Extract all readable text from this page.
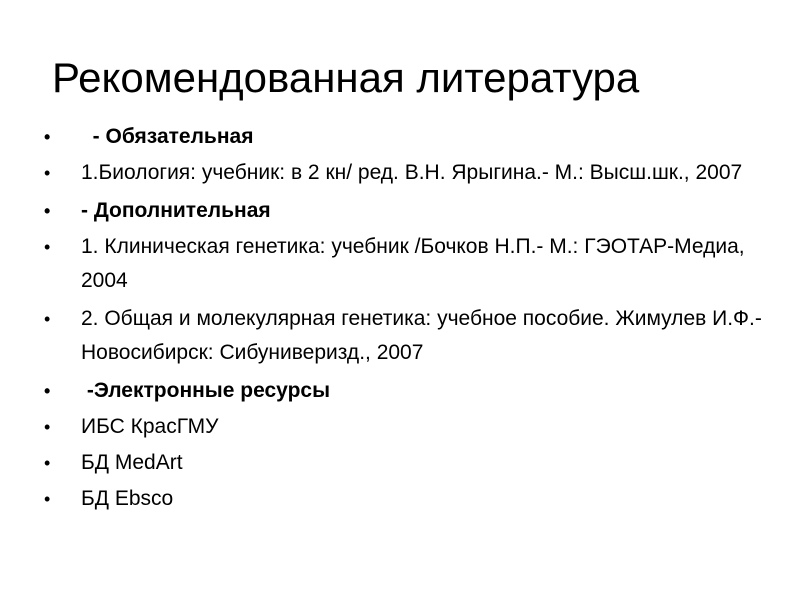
Рекомендованная литература
• - Обязательная
• 1.Биология: учебник: в 2 кн/ ред. В.Н. Ярыгина.- М.: Высш.шк., 2007
• - Дополнительная
• 1. Клиническая генетика: учебник /Бочков Н.П.- М.: ГЭОТАР-Медиа, 2004
• 2. Общая и молекулярная генетика: учебное пособие. Жимулев И.Ф.- Новосибирск: Сибуниверизд., 2007
• -Электронные ресурсы
• ИБС КрасГМУ
• БД MedArt
• БД Ebsco
